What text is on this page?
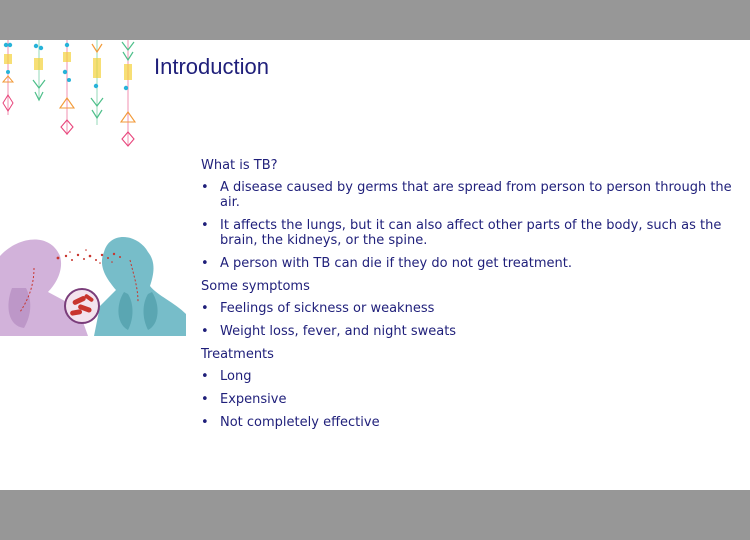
Introduction

What is TB?

• A disease caused by germs that are spread from person to person through the air.
• It affects the lungs, but it can also affect other parts of the body, such as the brain, the kidneys, or the spine.
• A person with TB can die if they do not get treatment.

Some symptoms

• Feelings of sickness or weakness
• Weight loss, fever, and night sweats

Treatments

• Long
• Expensive
• Not completely effective
